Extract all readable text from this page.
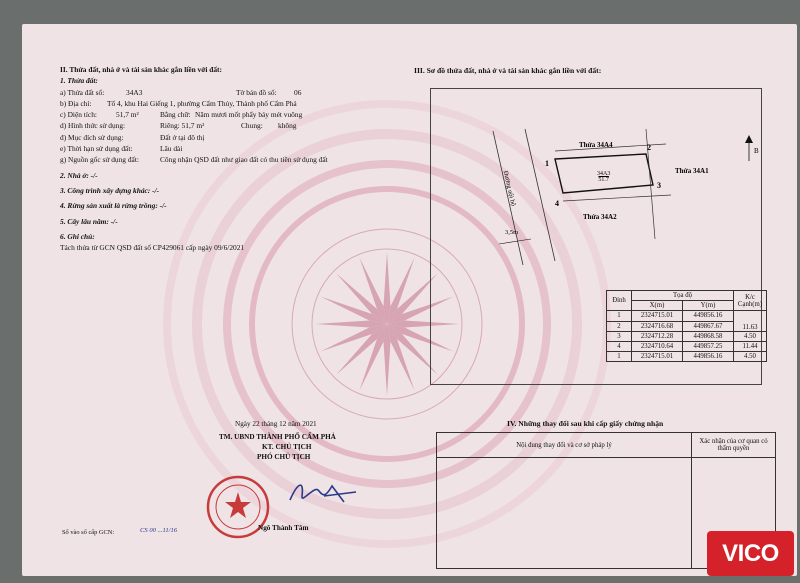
II. Thửa đất, nhà ở và tài sản khác gắn liền với đất:
1. Thửa đất:
a) Thửa đất số:	34A3	Tờ bản đồ số: 06
b) Địa chỉ: Tổ 4, khu Hai Giếng 1, phường Cẩm Thủy, Thành phố Cẩm Phả
c) Diện tích:	51,7 m²	Bằng chữ: Năm mươi mốt phẩy bảy mét vuông
d) Hình thức sử dụng:	Riêng: 51,7 m²	Chung: không
đ) Mục đích sử dụng:	Đất ở tại đô thị
e) Thời hạn sử dụng đất:	Lâu dài
g) Nguồn gốc sử dụng đất:	Công nhận QSD đất như giao đất có thu tiền sử dụng đất
2. Nhà ở: -/-
3. Công trình xây dựng khác: -/-
4. Rừng sản xuất là rừng trồng: -/-
5. Cây lâu năm: -/-
6. Ghi chú:
Tách thửa từ GCN QSD đất số CP429061 cấp ngày 09/6/2021
Ngày 22 tháng 12 năm 2021
TM. UBND THÀNH PHỐ CẨM PHẢ
KT. CHỦ TỊCH
PHÓ CHỦ TỊCH
Ngô Thành Tâm
Số vào sổ cấp GCN:	CS 00 ...11/16
III. Sơ đồ thửa đất, nhà ở và tài sản khác gắn liền với đất:
B
34A3
51.7
Thửa 34A4
Thửa 34A1
Thửa 34A2
Đường nội bộ
3,5m
1
2
3
4
Đỉnh	Tọa độ		K/c Cạnh(m)
	X(m)	Y(m)	
1	2324715.01	449856.16	11.63
2	2324716.68	449867.67	
3	2324712.28	449868.58	4.50
4	2324710.64	449857.25	11.44
1	2324715.01	449856.16	4.50
IV. Những thay đổi sau khi cấp giấy chứng nhận
Nội dung thay đổi và cơ sở pháp lý	Xác nhận của cơ quan có thẩm quyền

VICO
